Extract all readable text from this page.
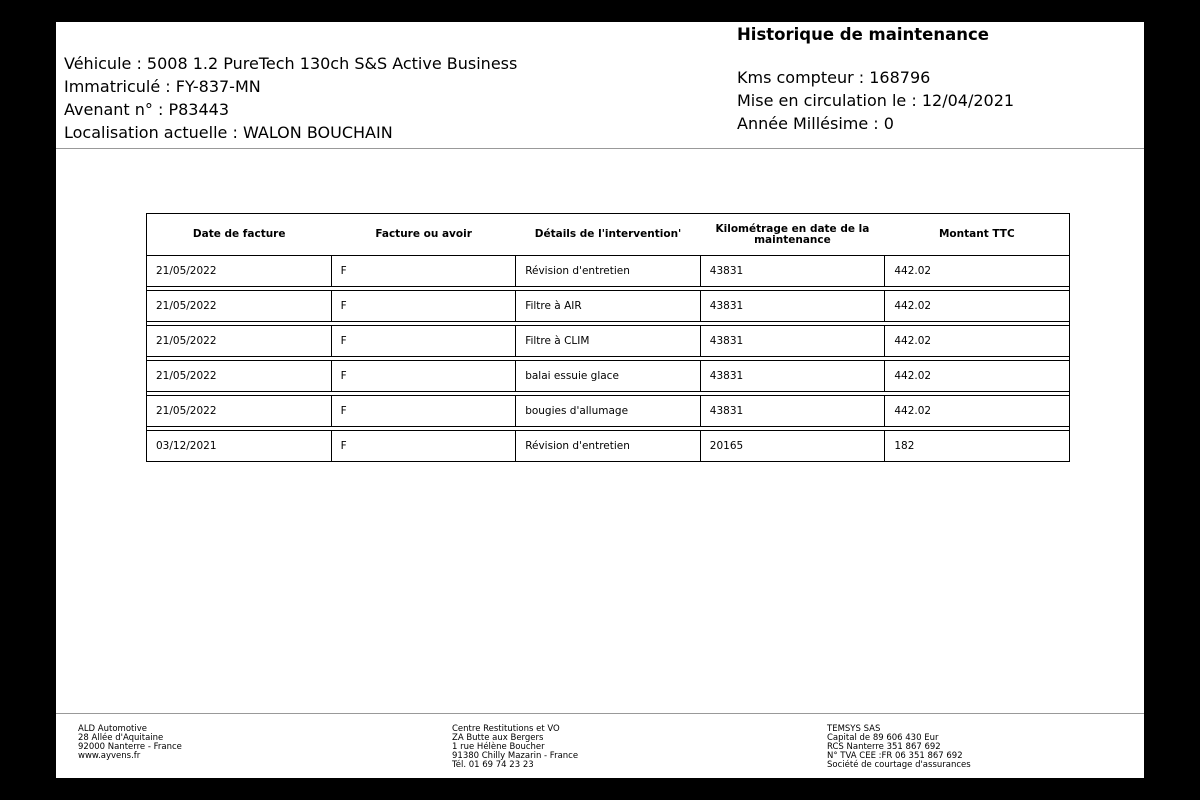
Véhicule : 5008 1.2 PureTech 130ch S&S Active Business
Immatriculé : FY-837-MN
Avenant n° : P83443
Localisation actuelle : WALON BOUCHAIN
Historique de maintenance
Kms compteur : 168796
Mise en circulation le : 12/04/2021
Année Millésime : 0
Date de facture	Facture ou avoir	Détails de l'intervention'	Kilométrage en date de la maintenance	Montant TTC
21/05/2022	F	Révision d'entretien	43831	442.02
21/05/2022	F	Filtre à AIR	43831	442.02
21/05/2022	F	Filtre à CLIM	43831	442.02
21/05/2022	F	balai essuie glace	43831	442.02
21/05/2022	F	bougies d'allumage	43831	442.02
03/12/2021	F	Révision d'entretien	20165	182
ALD Automotive
28 Allée d'Aquitaine
92000 Nanterre - France
www.ayvens.fr
Centre Restitutions et VO
ZA Butte aux Bergers
1 rue Hélène Boucher
91380 Chilly Mazarin - France
Tél. 01 69 74 23 23
TEMSYS SAS
Capital de 89 606 430 Eur
RCS Nanterre 351 867 692
N° TVA CEE :FR 06 351 867 692
Société de courtage d'assurances
